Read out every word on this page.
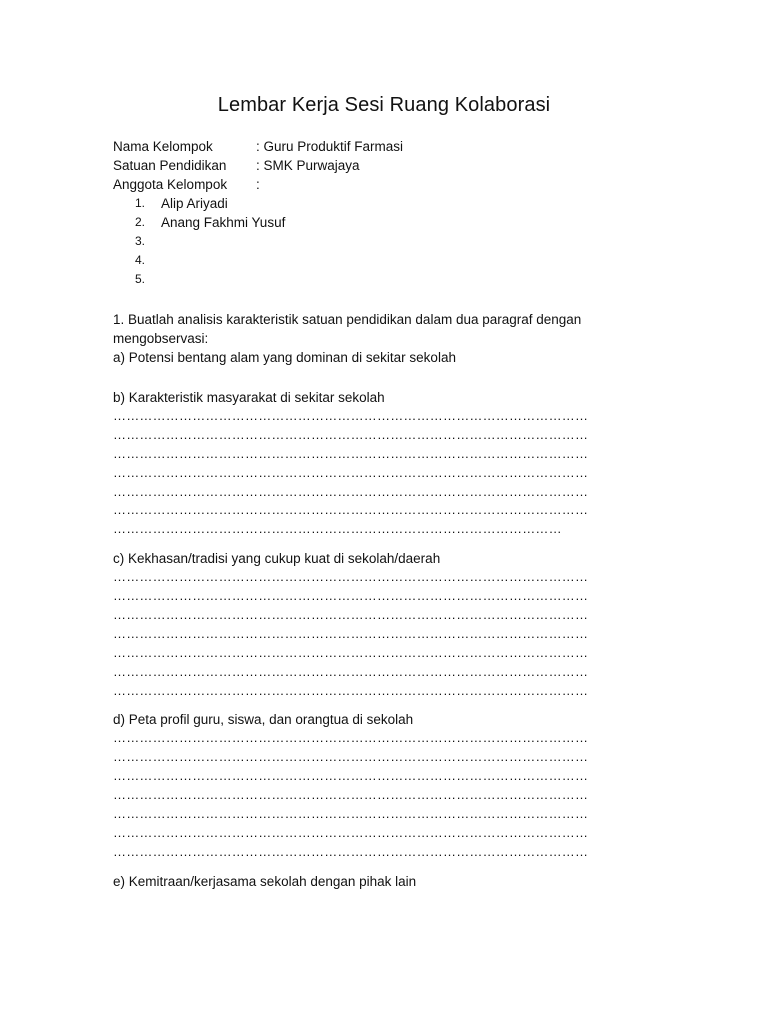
Lembar Kerja Sesi Ruang Kolaborasi
Nama Kelompok	: Guru Produktif Farmasi
Satuan Pendidikan	: SMK Purwajaya
Anggota Kelompok	:
1.	Alip Ariyadi
2.	Anang Fakhmi Yusuf
3.
4.
5.
1. Buatlah analisis karakteristik satuan pendidikan dalam dua paragraf dengan mengobservasi:
a) Potensi bentang alam yang dominan di sekitar sekolah
b) Karakteristik masyarakat di sekitar sekolah
………………………………………………………………………………………………
………………………………………………………………………………………………
………………………………………………………………………………………………
………………………………………………………………………………………………
………………………………………………………………………………………………
………………………………………………………………………………………………
…………………………………………………………………………………………
c) Kekhasan/tradisi yang cukup kuat di sekolah/daerah
………………………………………………………………………………………………
………………………………………………………………………………………………
………………………………………………………………………………………………
………………………………………………………………………………………………
………………………………………………………………………………………………
………………………………………………………………………………………………
………………………………………………………………………………………………
d) Peta profil guru, siswa, dan orangtua di sekolah
………………………………………………………………………………………………
………………………………………………………………………………………………
………………………………………………………………………………………………
………………………………………………………………………………………………
………………………………………………………………………………………………
………………………………………………………………………………………………
………………………………………………………………………………………………
e) Kemitraan/kerjasama sekolah dengan pihak lain
